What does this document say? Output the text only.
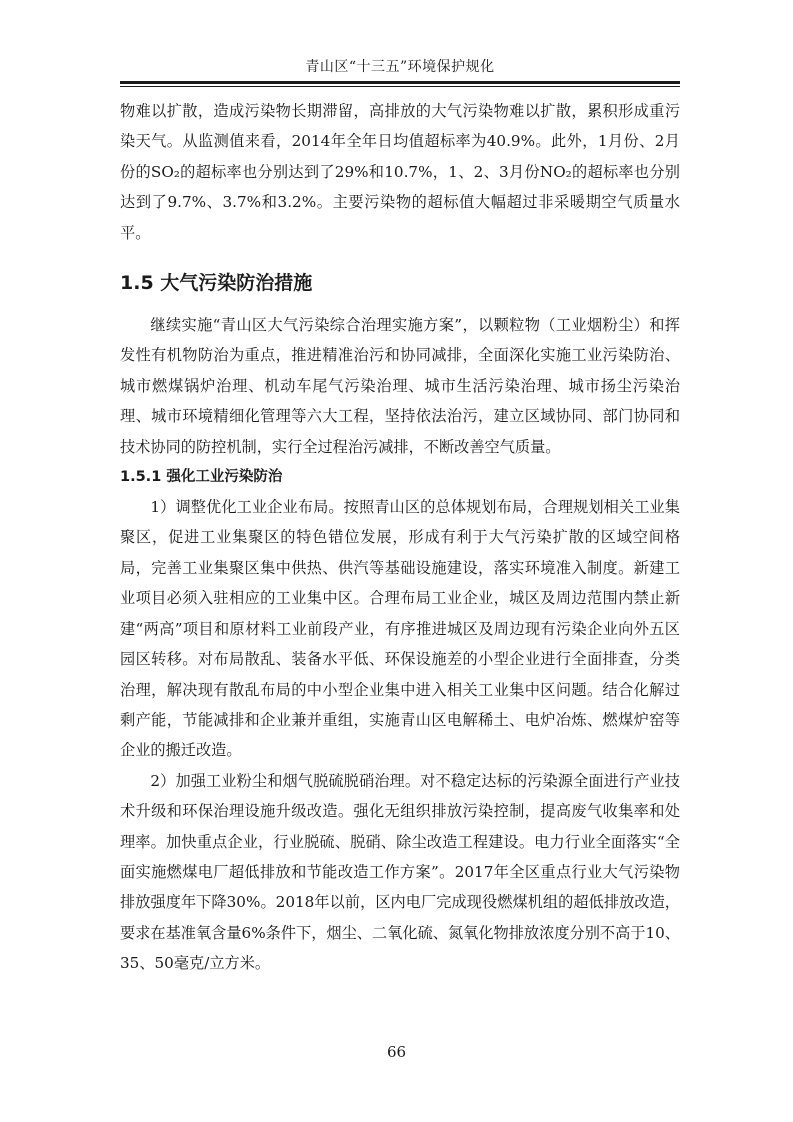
青山区“十三五”环境保护规化

物难以扩散，造成污染物长期滞留，高排放的大气污染物难以扩散，累积形成重污染天气。从监测值来看，2014年全年日均值超标率为40.9%。此外，1月份、2月份的SO₂的超标率也分别达到了29%和10.7%，1、2、3月份NO₂的超标率也分别达到了9.7%、3.7%和3.2%。主要污染物的超标值大幅超过非采暖期空气质量水平。

1.5 大气污染防治措施

继续实施“青山区大气污染综合治理实施方案”，以颗粒物（工业烟粉尘）和挥发性有机物防治为重点，推进精准治污和协同减排，全面深化实施工业污染防治、城市燃煤锅炉治理、机动车尾气污染治理、城市生活污染治理、城市扬尘污染治理、城市环境精细化管理等六大工程，坚持依法治污，建立区域协同、部门协同和技术协同的防控机制，实行全过程治污减排，不断改善空气质量。

1.5.1 强化工业污染防治

1）调整优化工业企业布局。按照青山区的总体规划布局，合理规划相关工业集聚区，促进工业集聚区的特色错位发展，形成有利于大气污染扩散的区域空间格局，完善工业集聚区集中供热、供汽等基础设施建设，落实环境准入制度。新建工业项目必须入驻相应的工业集中区。合理布局工业企业，城区及周边范围内禁止新建“两高”项目和原材料工业前段产业，有序推进城区及周边现有污染企业向外五区园区转移。对布局散乱、装备水平低、环保设施差的小型企业进行全面排查，分类治理，解决现有散乱布局的中小型企业集中进入相关工业集中区问题。结合化解过剩产能，节能减排和企业兼并重组，实施青山区电解稀土、电炉冶炼、燃煤炉窑等企业的搬迁改造。

2）加强工业粉尘和烟气脱硫脱硝治理。对不稳定达标的污染源全面进行产业技术升级和环保治理设施升级改造。强化无组织排放污染控制，提高废气收集率和处理率。加快重点企业，行业脱硫、脱硝、除尘改造工程建设。电力行业全面落实“全面实施燃煤电厂超低排放和节能改造工作方案”。2017年全区重点行业大气污染物排放强度年下降30%。2018年以前，区内电厂完成现役燃煤机组的超低排放改造，要求在基准氧含量6%条件下，烟尘、二氧化硫、氮氧化物排放浓度分别不高于10、35、50毫克/立方米。

66
